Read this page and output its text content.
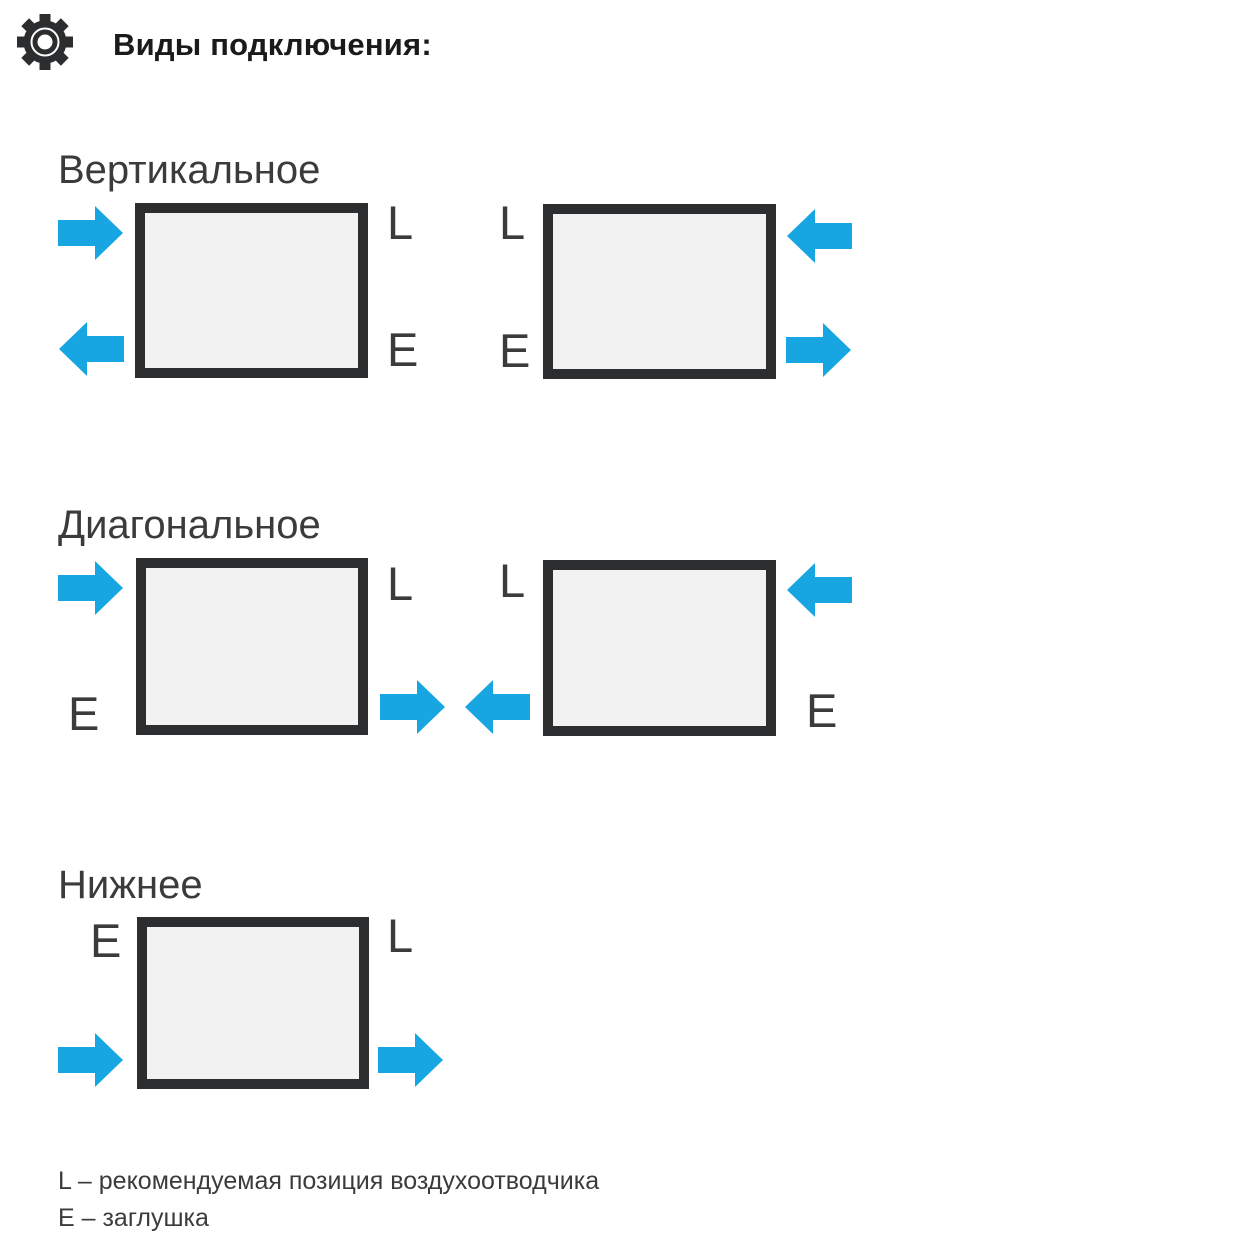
Виды подключения:
Вертикальное
L
E
L
E
Диагональное
L
E
L
E
Нижнее
E	L
L – рекомендуемая позиция воздухоотводчика
E – заглушка
